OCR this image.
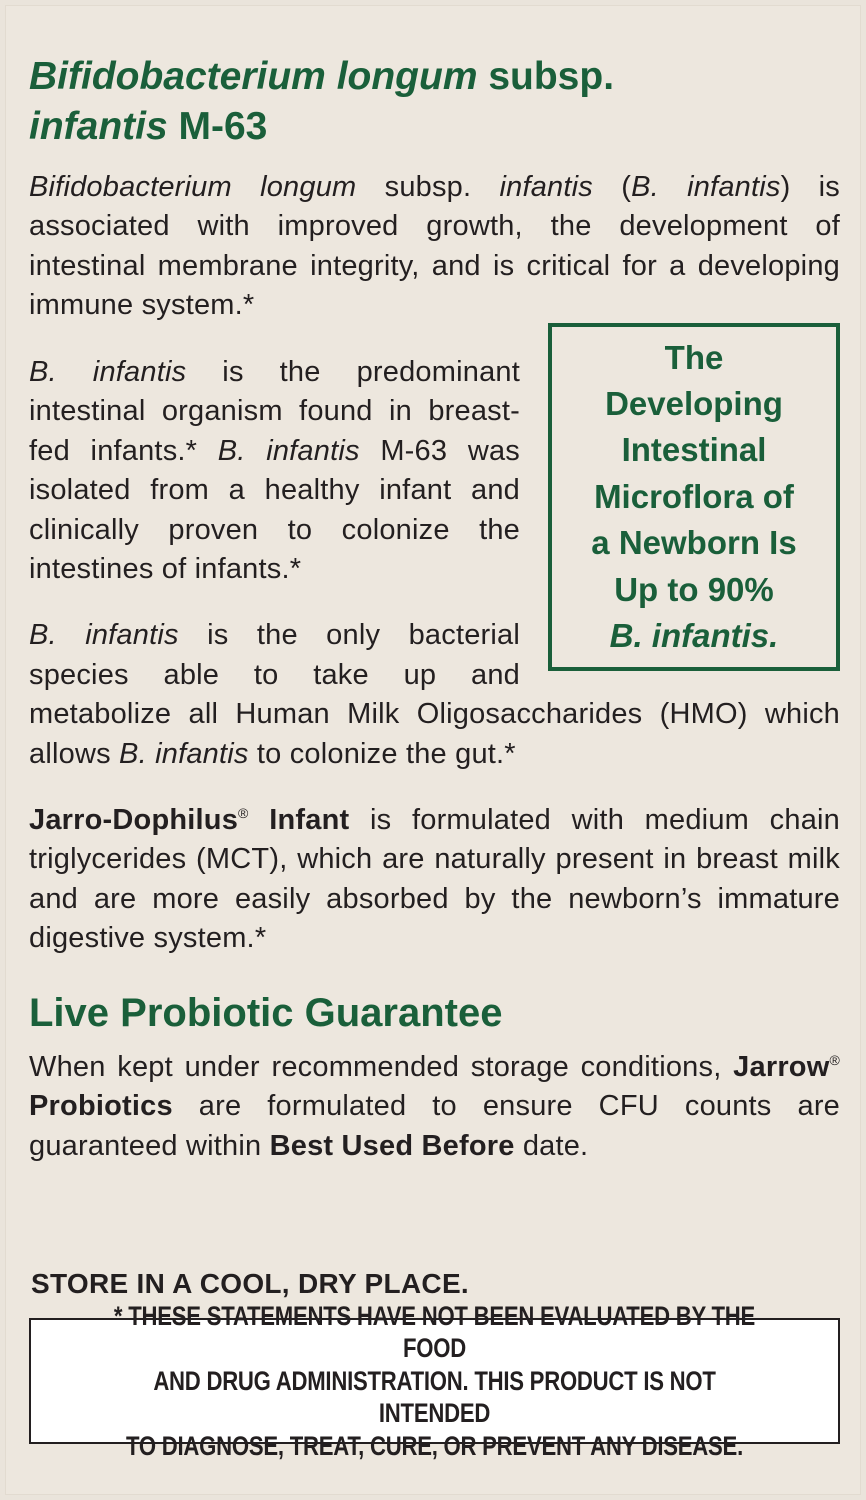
Bifidobacterium longum subsp.
infantis M-63

Bifidobacterium longum subsp. infantis (B. infantis) is associated with improved growth, the development of intestinal membrane integrity, and is critical for a developing immune system.*

The
Developing
Intestinal
Microflora of
a Newborn Is
Up to 90%
B. infantis.

B. infantis is the predominant intestinal organism found in breast-fed infants.* B. infantis M-63 was isolated from a healthy infant and clinically proven to colonize the intestines of infants.*

B. infantis is the only bacterial species able to take up and metabolize all Human Milk Oligosaccharides (HMO) which allows B. infantis to colonize the gut.*

Jarro-Dophilus® Infant is formulated with medium chain triglycerides (MCT), which are naturally present in breast milk and are more easily absorbed by the newborn’s immature digestive system.*

Live Probiotic Guarantee

When kept under recommended storage conditions, Jarrow® Probiotics are formulated to ensure CFU counts are guaranteed within Best Used Before date.

STORE IN A COOL, DRY PLACE.
* THESE STATEMENTS HAVE NOT BEEN EVALUATED BY THE FOOD
AND DRUG ADMINISTRATION. THIS PRODUCT IS NOT INTENDED
TO DIAGNOSE, TREAT, CURE, OR PREVENT ANY DISEASE.
